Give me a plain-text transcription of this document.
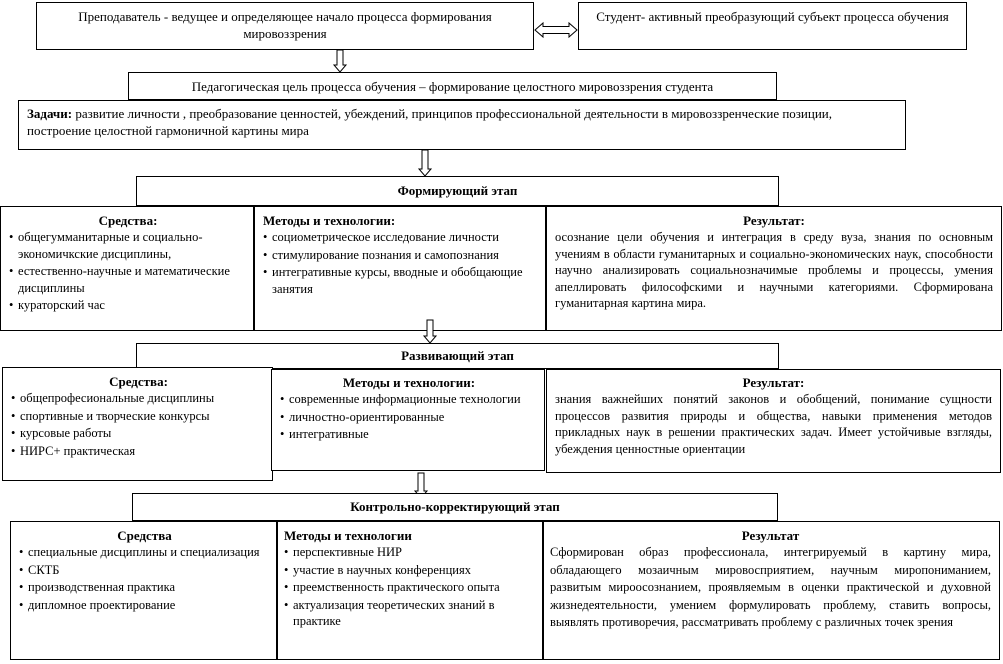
Преподаватель - ведущее и определяющее начало процесса формирования мировоззрения
Студент- активный преобразующий субъект процесса обучения
Педагогическая цель процесса обучения – формирование целостного мировоззрения студента
Задачи: развитие личности , преобразование ценностей, убеждений, принципов профессиональной деятельности в мировоззренческие позиции, построение целостной гармоничной картины мира
Формирующий этап
Средства:
• общегумманитарные и социально-экономичкские дисциплины,
• естественно-научные и математические дисциплины
• кураторский час
Методы и технологии:
• социометрическое исследование личности
• стимулирование познания и самопознания
• интегративные курсы, вводные и обобщающие занятия
Результат:
осознание цели обучения и интеграция в среду вуза, знания по основным учениям в области гуманитарных и социально-экономических наук, способности научно анализировать социальнозначимые проблемы и процессы, умения апеллировать философскими и научными категориями. Сформирована гуманитарная картина мира.
Развивающий этап
Средства:
• общепрофесиональные дисциплины
• спортивные и творческие конкурсы
• курсовые работы
• НИРС+ практическая
Методы и технологии:
• современные информационные технологии
• личностно-ориентированные
• интегративные
Результат:
знания важнейших понятий законов и обобщений, понимание сущности процессов развития природы и общества, навыки применения методов прикладных наук в решении практических задач. Имеет устойчивые взгляды, убеждения ценностные ориентации
Контрольно-корректирующий этап
Средства
• специальные дисциплины и специализация
• СКТБ
• производственная практика
• дипломное проектирование
Методы и технологии
• перспективные НИР
• участие в научных конференциях
• преемственность практического опыта
• актуализация теоретических знаний в практике
Результат
Сформирован образ профессионала, интегрируемый в картину мира, обладающего мозаичным мировосприятием, научным миропониманием, развитым мироосознанием, проявляемым в оценки практической и духовной жизнедеятельности, умением формулировать проблему, ставить вопросы, выявлять противоречия, рассматривать проблему с различных точек зрения
